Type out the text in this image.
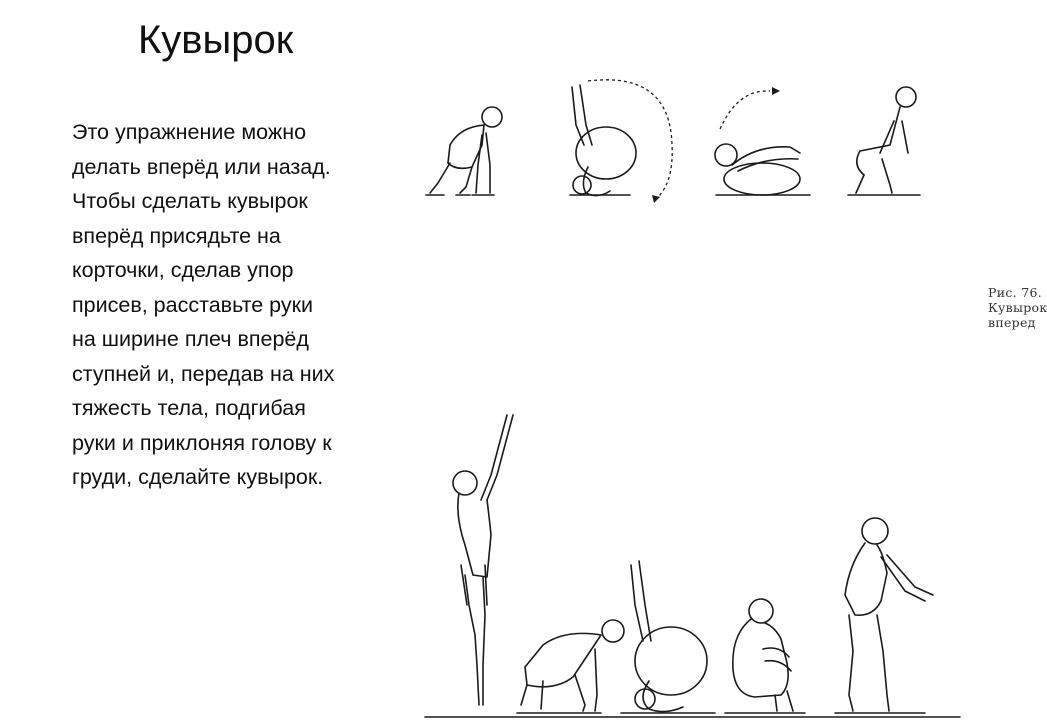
Кувырок
Это упражнение можно
делать вперёд или назад.
Чтобы сделать кувырок
вперёд присядьте на
корточки, сделав упор
присев, расставьте руки
на ширине плеч вперёд
ступней и, передав на них
тяжесть тела, подгибая
руки и приклоняя голову к
груди, сделайте кувырок.
Рис. 76. Кувырок вперед
